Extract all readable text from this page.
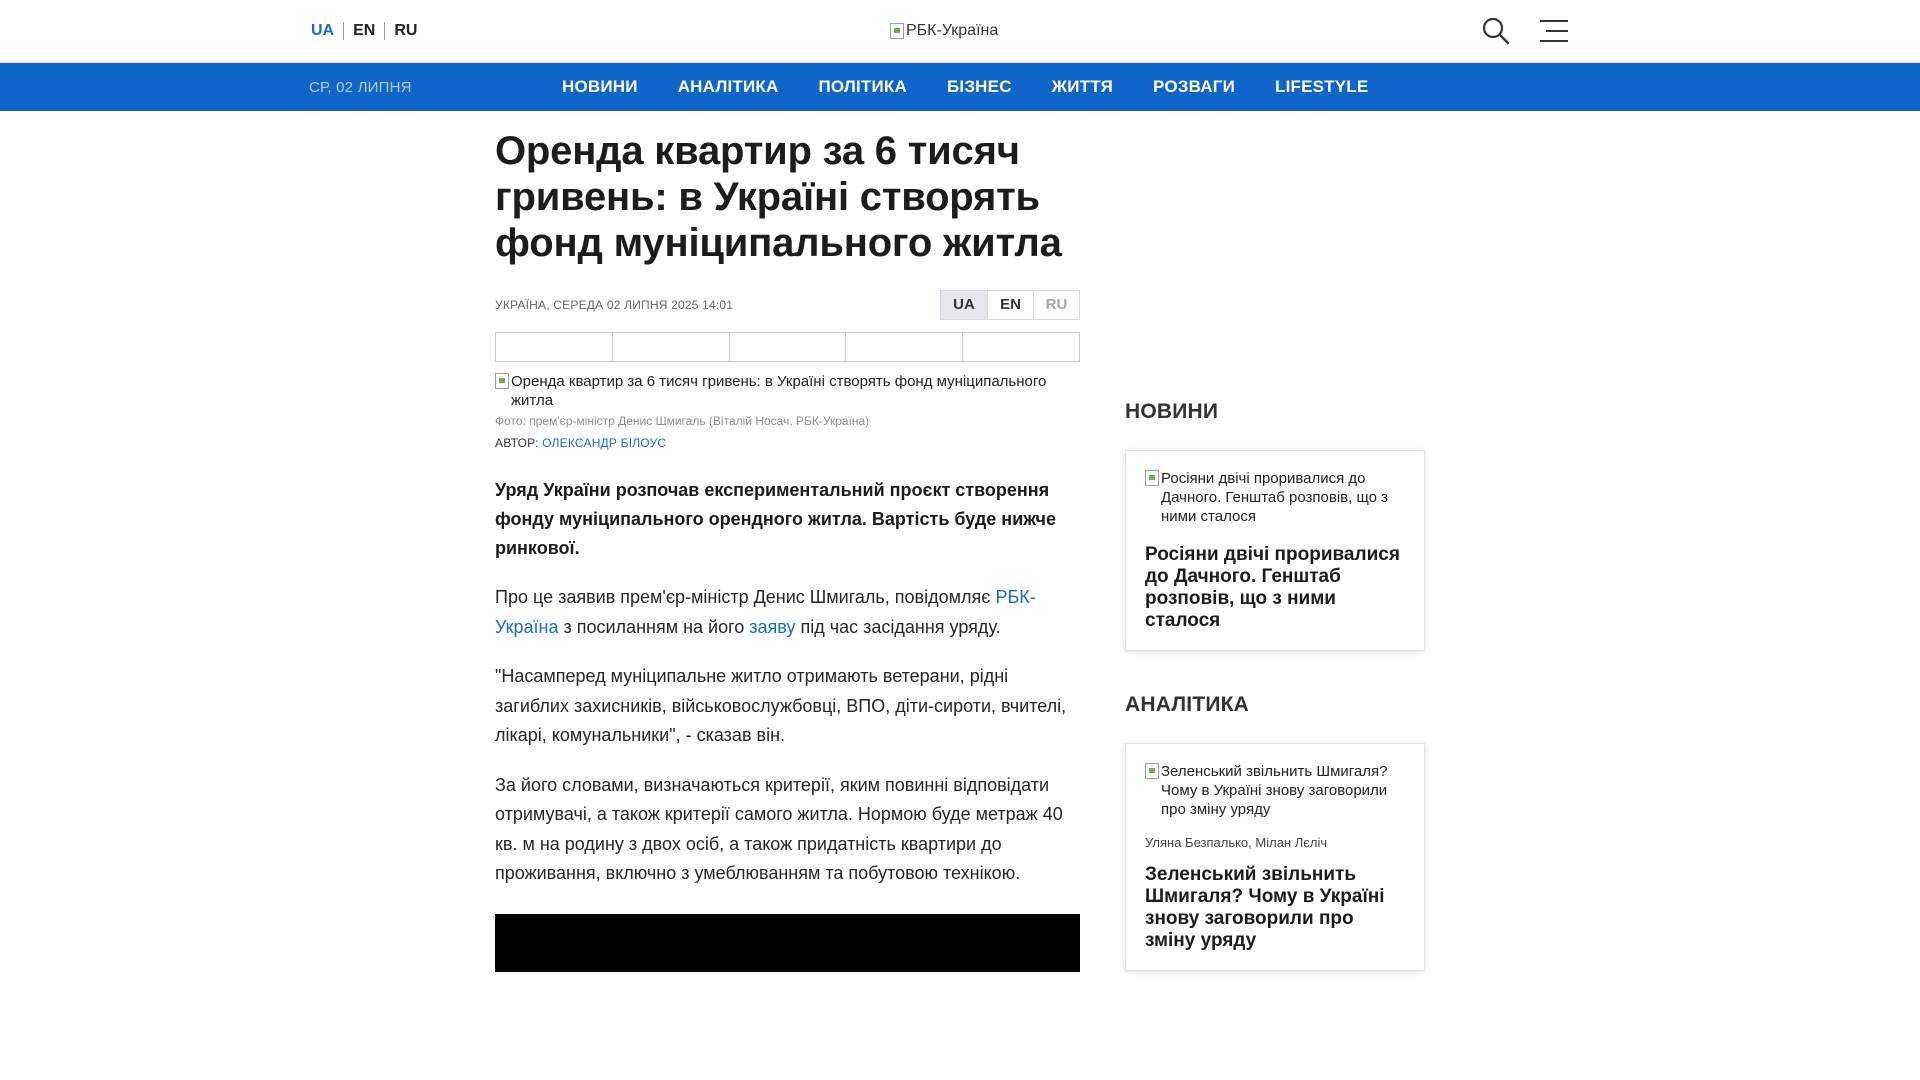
UA	EN	RU	РБК-Україна
СР, 02 ЛИПНЯ	НОВИНИ АНАЛІТИКА ПОЛІТИКА БІЗНЕС ЖИТТЯ РОЗВАГИ LIFESTYLE
Оренда квартир за 6 тисяч гривень: в Україні створять фонд муніципального житла
УКРАЇНА, СЕРЕДА 02 ЛИПНЯ 2025 14:01	UA	EN	RU
Оренда квартир за 6 тисяч гривень: в Україні створять фонд муніципального житла
Фото: прем'єр-міністр Денис Шмигаль (Віталій Носач, РБК-Україна)
АВТОР: ОЛЕКСАНДР БІЛОУС

Уряд України розпочав експериментальний проєкт створення фонду муніципального орендного житла. Вартість буде нижче ринкової.

Про це заявив прем'єр-міністр Денис Шмигаль, повідомляє РБК-Україна з посиланням на його заяву під час засідання уряду.

"Насамперед муніципальне житло отримають ветерани, рідні загиблих захисників, військовослужбовці, ВПО, діти-сироти, вчителі, лікарі, комунальники", - сказав він.

За його словами, визначаються критерії, яким повинні відповідати отримувачі, а також критерії самого житла. Нормою буде метраж 40 кв. м на родину з двох осіб, а також придатність квартири до проживання, включно з умеблюванням та побутовою технікою.

НОВИНИ
Росіяни двічі проривалися до Дачного. Генштаб розповів, що з ними сталося
Росіяни двічі проривалися до Дачного. Генштаб розповів, що з ними сталося
АНАЛІТИКА
Зеленський звільнить Шмигаля? Чому в Україні знову заговорили про зміну уряду
Уляна Безпалько, Мілан Лєліч
Зеленський звільнить Шмигаля? Чому в Україні знову заговорили про зміну уряду
